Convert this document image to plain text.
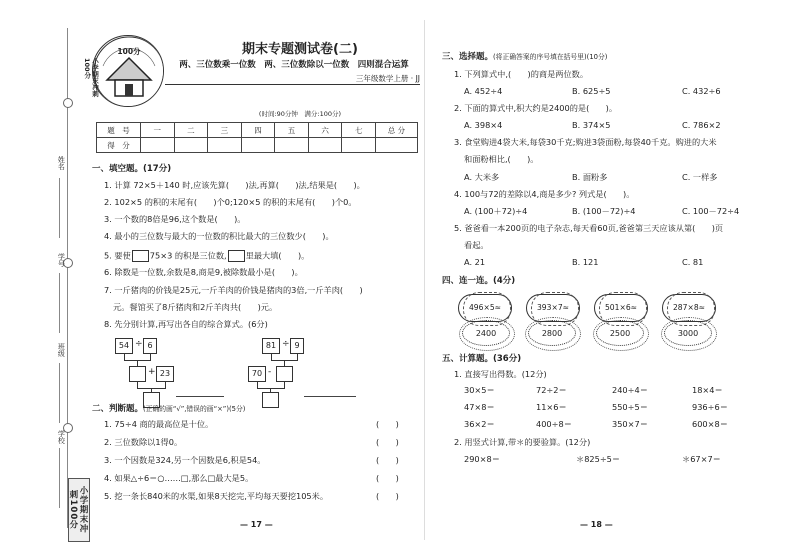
姓名
学号
班级
学校
小学期末冲刺100分
100分
小学期末冲刺100分
期末专题测试卷(二)
两、三位数乘一位数　两、三位数除以一位数　四则混合运算
三年级数学上册 · JJ
(时间:90分钟　满分:100分)
题　号	一	二	三	四	五	六	七	总 分
得　分								
一、填空题。(17分)
1. 计算 72×5＋140 时,应该先算(　　)法,再算(　　)法,结果是(　　)。
2. 102×5 的积的末尾有(　　)个0;120×5 的积的末尾有(　　)个0。
3. 一个数的8倍是96,这个数是(　　)。
4. 最小的三位数与最大的一位数的积比最大的三位数少(　　)。
5. 要使 75×3 的积是三位数, 里最大填(　　)。
6. 除数是一位数,余数是8,商是9,被除数最小是(　　)。
7. 一斤猪肉的价钱是25元,一斤羊肉的价钱是猪肉的3倍,一斤羊肉(　　)
元。餐馆买了8斤猪肉和2斤羊肉共(　　)元。
8. 先分别计算,再写出各自的综合算式。(6分)
54 ÷ 6
+ 23
81 ÷ 9
70 -
二、判断题。(正确的画“√”,错误的画“×”)(5分)
1. 75÷4 商的最高位是十位。	(　　)
2. 三位数除以1得0。	(　　)
3. 一个因数是324,另一个因数是6,积是54。	(　　)
4. 如果△÷6＝○……□,那么□最大是5。	(　　)
5. 挖一条长840米的水渠,如果8天挖完,平均每天要挖105米。	(　　)
— 17 —
三、选择题。(将正确答案的序号填在括号里)(10分)
1. 下列算式中,(　　)的商是两位数。
A. 452÷4	B. 625÷5	C. 432÷6
2. 下面的算式中,积大约是2400的是(　　)。
A. 398×4	B. 374×5	C. 786×2
3. 食堂购进4袋大米,每袋30千克;购进3袋面粉,每袋40千克。购进的大米
和面粉相比,(　　)。
A. 大米多	B. 面粉多	C. 一样多
4. 100与72的差除以4,商是多少? 列式是(　　)。
A. (100＋72)÷4	B. (100－72)÷4	C. 100－72÷4
5. 爸爸看一本200页的电子杂志,每天看60页,爸爸第三天应该从第(　　)页
看起。
A. 21	B. 121	C. 81
四、连一连。(4分)
496×5≈	393×7≈	501×6≈	287×8≈
2400	2800	2500	3000
五、计算题。(36分)
1. 直接写出得数。(12分)
30×5＝	72÷2＝	240÷4＝	18×4＝
47×8＝	11×6＝	550÷5＝	936÷6＝
36×2＝	400÷8＝	350×7＝	600×8＝
2. 用竖式计算,带＊的要验算。(12分)
290×8＝	＊825÷5＝	＊67×7＝
— 18 —
